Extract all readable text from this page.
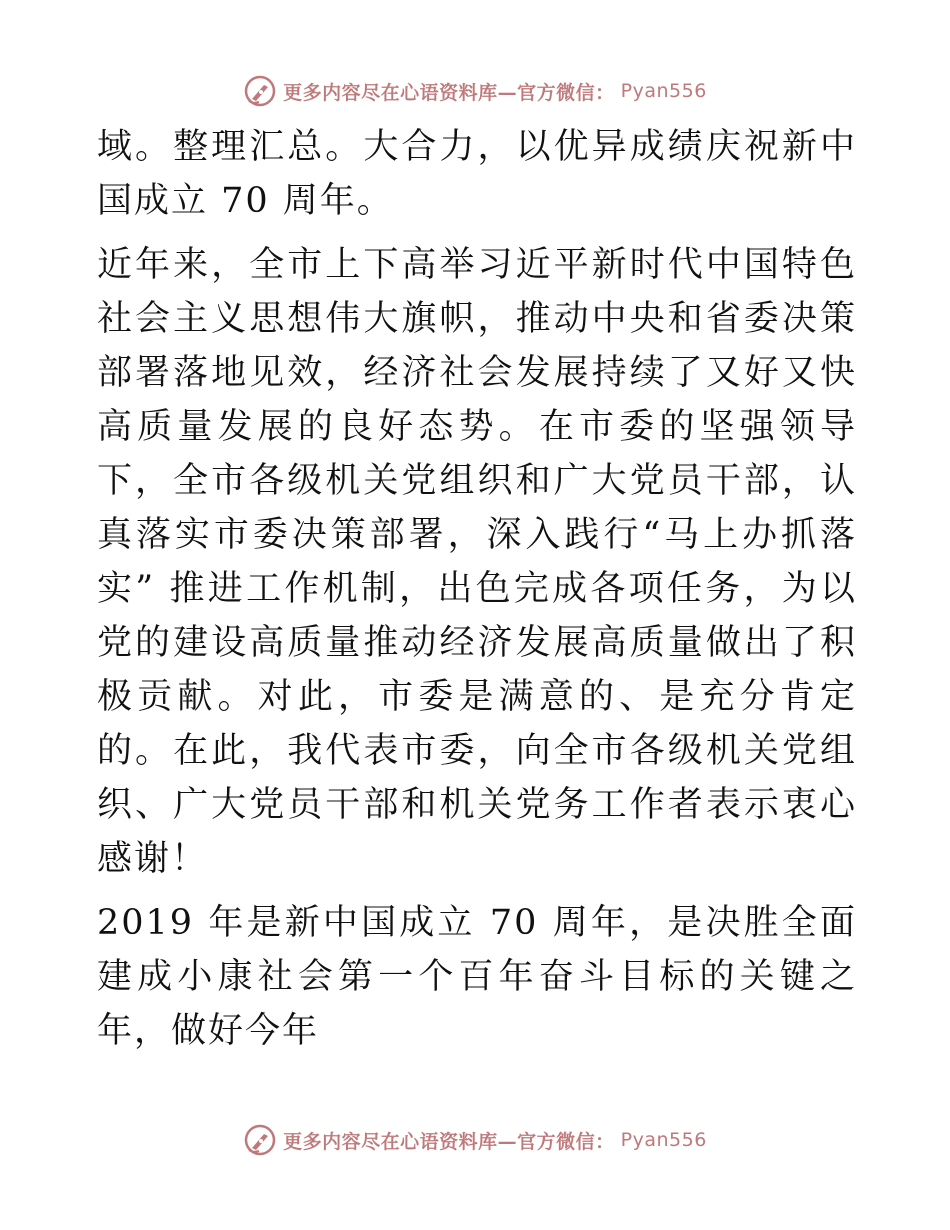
更多内容尽在心语资料库—官方微信： Pyan556

域。整理汇总。大合力，以优异成绩庆祝新中国成立 70 周年。

近年来，全市上下高举习近平新时代中国特色社会主义思想伟大旗帜，推动中央和省委决策部署落地见效，经济社会发展持续了又好又快高质量发展的良好态势。在市委的坚强领导下，全市各级机关党组织和广大党员干部，认真落实市委决策部署，深入践行“马上办抓落实” 推进工作机制，出色完成各项任务，为以党的建设高质量推动经济发展高质量做出了积极贡献。对此，市委是满意的、是充分肯定的。在此，我代表市委，向全市各级机关党组织、广大党员干部和机关党务工作者表示衷心感谢！

2019 年是新中国成立 70 周年，是决胜全面建成小康社会第一个百年奋斗目标的关键之年，做好今年

更多内容尽在心语资料库—官方微信： Pyan556
